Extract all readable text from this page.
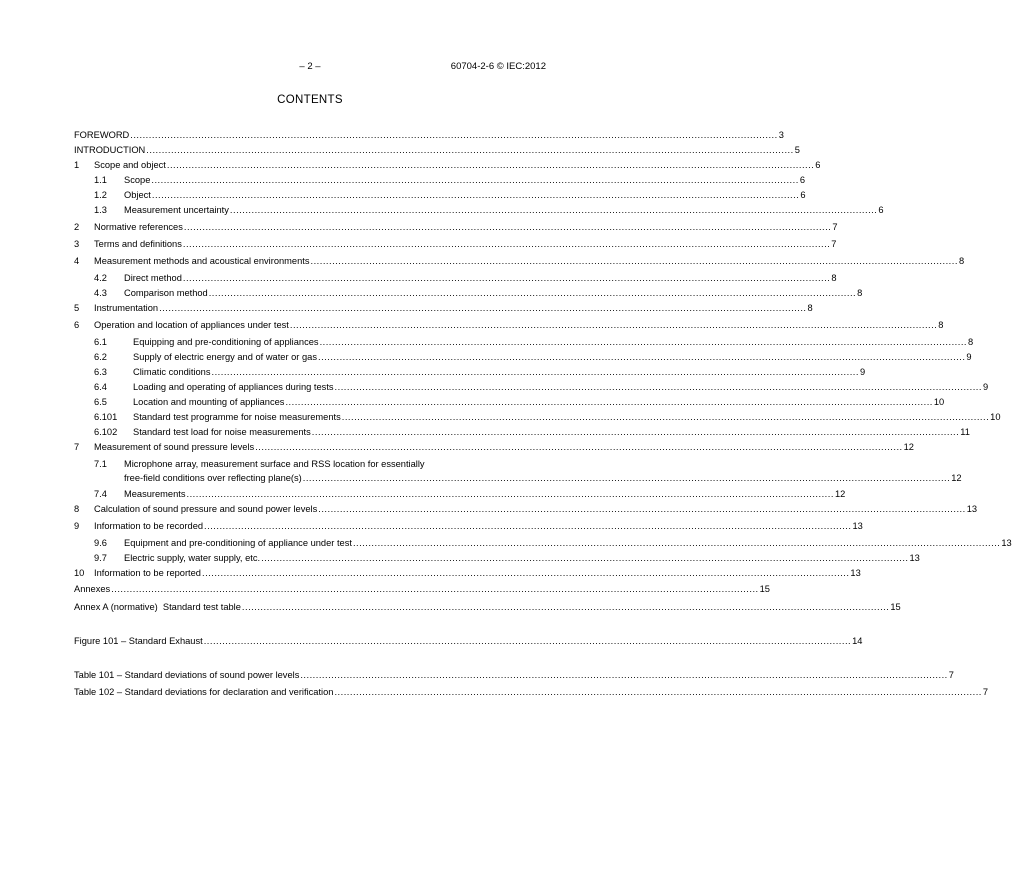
– 2 –	60704-2-6 © IEC:2012
CONTENTS
FOREWORD .................................................................................................................................................................................................................. 3
INTRODUCTION .................................................................................................................................................................................................................. 5
1	Scope and object .................................................................................................................................................................................................................. 6
1.1	Scope .................................................................................................................................................................................................................. 6
1.2	Object .................................................................................................................................................................................................................. 6
1.3	Measurement uncertainty .................................................................................................................................................................................................................. 6
2	Normative references .................................................................................................................................................................................................................. 7
3	Terms and definitions .................................................................................................................................................................................................................. 7
4	Measurement methods and acoustical environments .................................................................................................................................................................................................................. 8
4.2	Direct method .................................................................................................................................................................................................................. 8
4.3	Comparison method .................................................................................................................................................................................................................. 8
5	Instrumentation .................................................................................................................................................................................................................. 8
6	Operation and location of appliances under test .................................................................................................................................................................................................................. 8
6.1	Equipping and pre-conditioning of appliances .................................................................................................................................................................................................................. 8
6.2	Supply of electric energy and of water or gas .................................................................................................................................................................................................................. 9
6.3	Climatic conditions .................................................................................................................................................................................................................. 9
6.4	Loading and operating of appliances during tests .................................................................................................................................................................................................................. 9
6.5	Location and mounting of appliances .................................................................................................................................................................................................................. 10
6.101	Standard test programme for noise measurements .................................................................................................................................................................................................................. 10
6.102	Standard test load for noise measurements .................................................................................................................................................................................................................. 11
7	Measurement of sound pressure levels .................................................................................................................................................................................................................. 12
7.1	Microphone array, measurement surface and RSS location for essentially
free-field conditions over reflecting plane(s) .................................................................................................................................................................................................................. 12
7.4	Measurements .................................................................................................................................................................................................................. 12
8	Calculation of sound pressure and sound power levels .................................................................................................................................................................................................................. 13
9	Information to be recorded .................................................................................................................................................................................................................. 13
9.6	Equipment and pre-conditioning of appliance under test .................................................................................................................................................................................................................. 13
9.7	Electric supply, water supply, etc. .................................................................................................................................................................................................................. 13
10	Information to be reported .................................................................................................................................................................................................................. 13
Annexes .................................................................................................................................................................................................................. 15
Annex A (normative)  Standard test table .................................................................................................................................................................................................................. 15
Figure 101 – Standard Exhaust .................................................................................................................................................................................................................. 14
Table 101 – Standard deviations of sound power levels .................................................................................................................................................................................................................. 7
Table 102 – Standard deviations for declaration and verification .................................................................................................................................................................................................................. 7
